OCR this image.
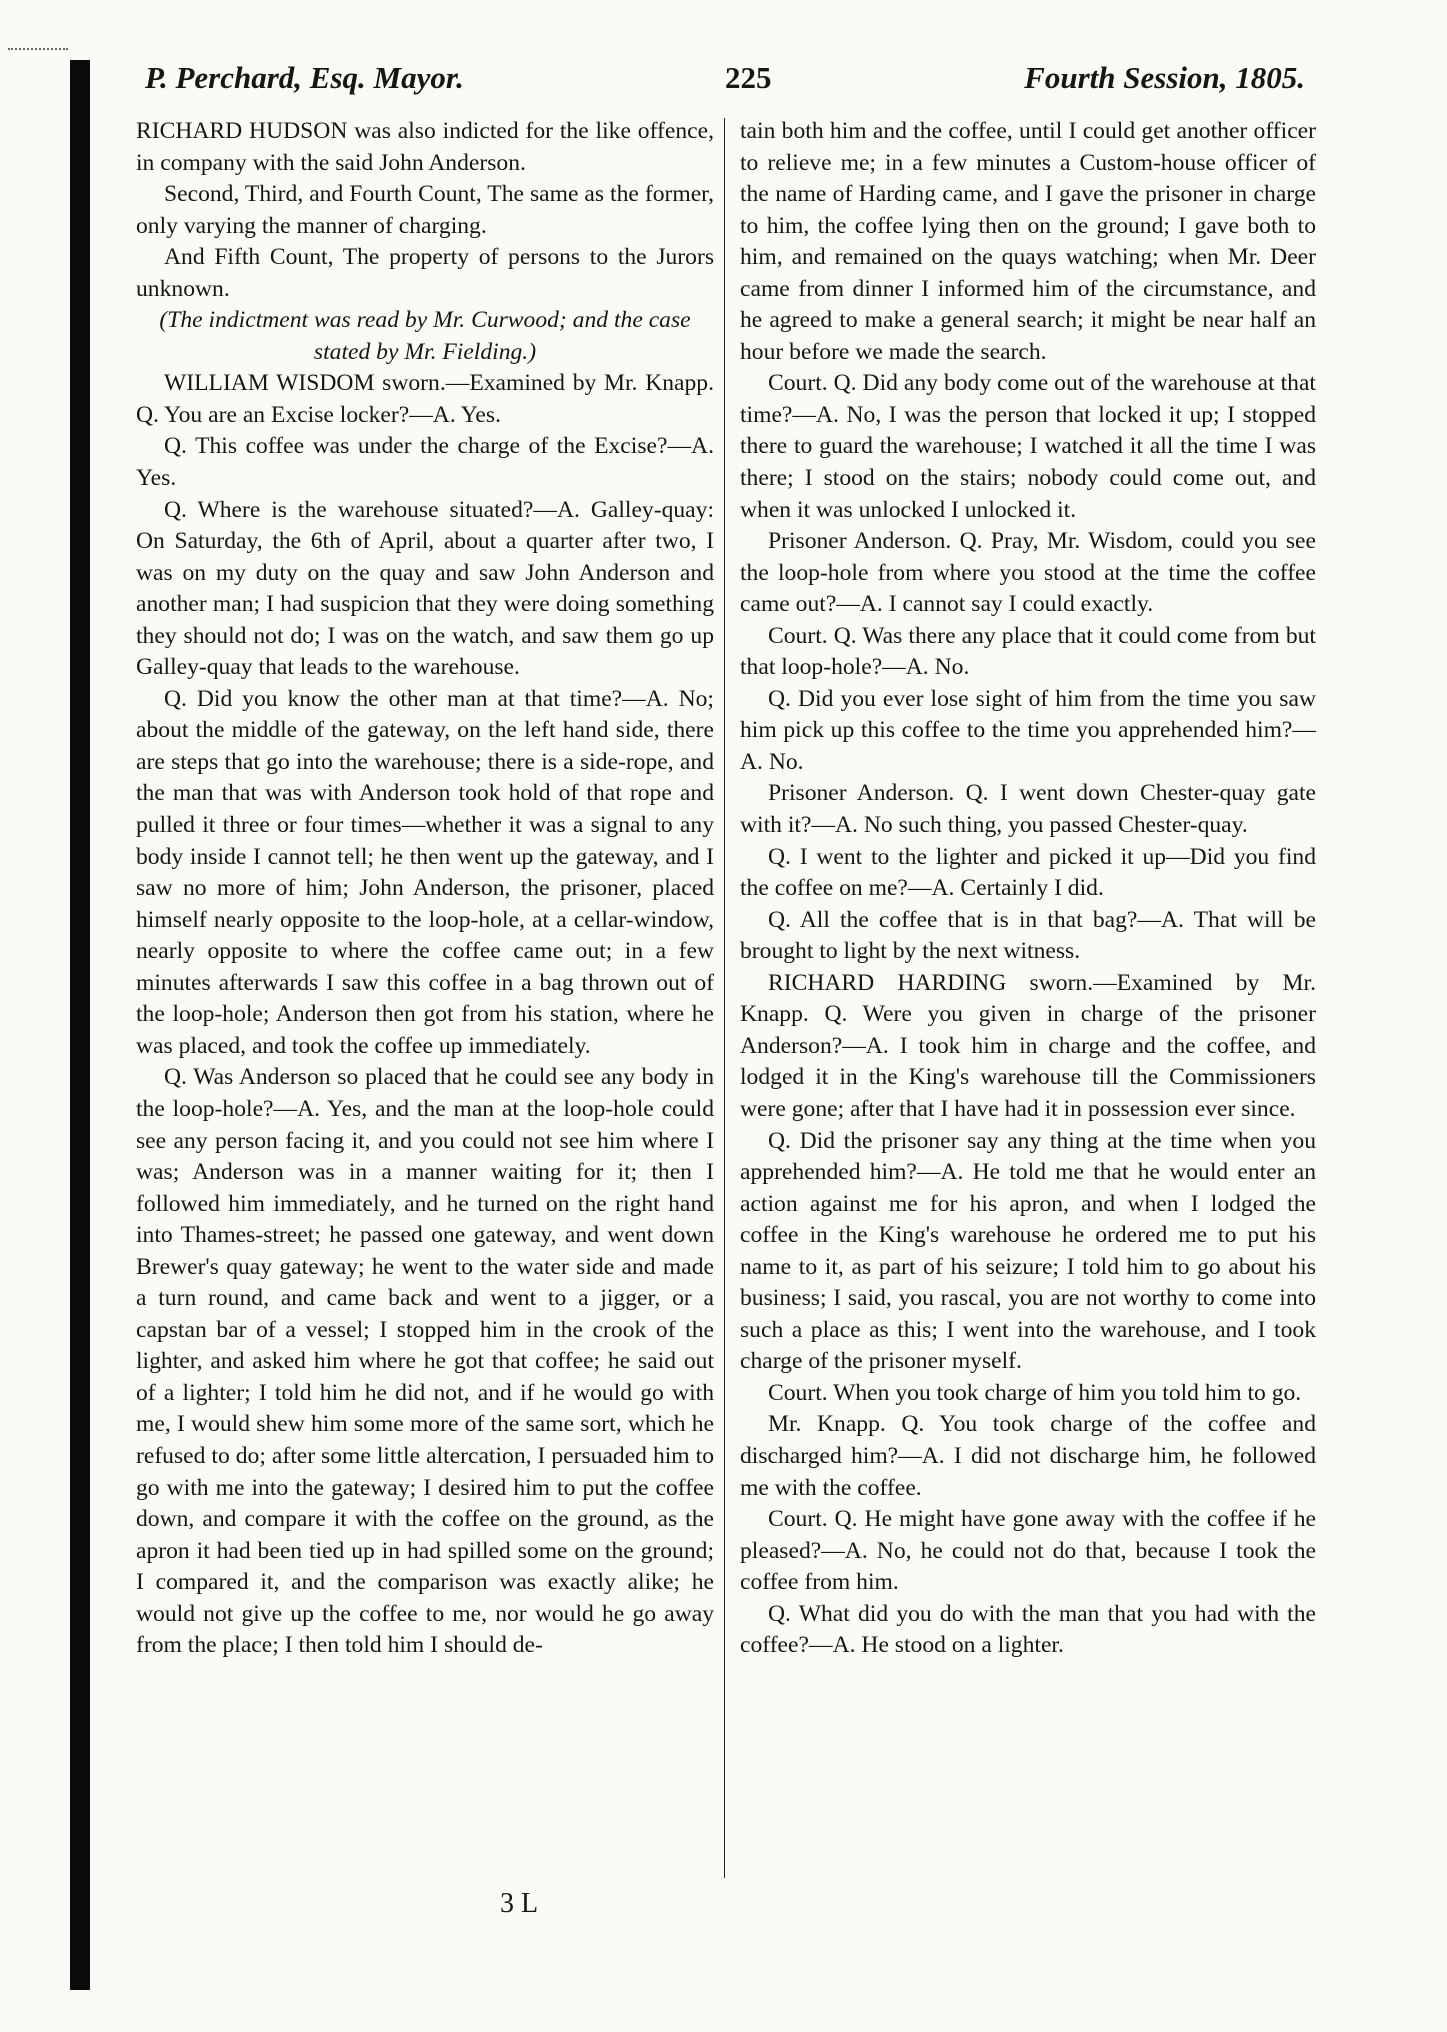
P. Perchard, Esq. Mayor.	225	Fourth Session, 1805.

RICHARD HUDSON was also indicted for the like offence, in company with the said John Anderson.

Second, Third, and Fourth Count, The same as the former, only varying the manner of charging.

And Fifth Count, The property of persons to the Jurors unknown.

(The indictment was read by Mr. Curwood; and the case stated by Mr. Fielding.)

WILLIAM WISDOM sworn.—Examined by Mr. Knapp. Q. You are an Excise locker?—A. Yes.

Q. This coffee was under the charge of the Excise?—A. Yes.

Q. Where is the warehouse situated?—A. Galley-quay: On Saturday, the 6th of April, about a quarter after two, I was on my duty on the quay and saw John Anderson and another man; I had suspicion that they were doing something they should not do; I was on the watch, and saw them go up Galley-quay that leads to the warehouse.

Q. Did you know the other man at that time?—A. No; about the middle of the gateway, on the left hand side, there are steps that go into the warehouse; there is a side-rope, and the man that was with Anderson took hold of that rope and pulled it three or four times—whether it was a signal to any body inside I cannot tell; he then went up the gateway, and I saw no more of him; John Anderson, the prisoner, placed himself nearly opposite to the loop-hole, at a cellar-window, nearly opposite to where the coffee came out; in a few minutes afterwards I saw this coffee in a bag thrown out of the loop-hole; Anderson then got from his station, where he was placed, and took the coffee up immediately.

Q. Was Anderson so placed that he could see any body in the loop-hole?—A. Yes, and the man at the loop-hole could see any person facing it, and you could not see him where I was; Anderson was in a manner waiting for it; then I followed him immediately, and he turned on the right hand into Thames-street; he passed one gateway, and went down Brewer's quay gateway; he went to the water side and made a turn round, and came back and went to a jigger, or a capstan bar of a vessel; I stopped him in the crook of the lighter, and asked him where he got that coffee; he said out of a lighter; I told him he did not, and if he would go with me, I would shew him some more of the same sort, which he refused to do; after some little altercation, I persuaded him to go with me into the gateway; I desired him to put the coffee down, and compare it with the coffee on the ground, as the apron it had been tied up in had spilled some on the ground; I compared it, and the comparison was exactly alike; he would not give up the coffee to me, nor would he go away from the place; I then told him I should de-

tain both him and the coffee, until I could get another officer to relieve me; in a few minutes a Custom-house officer of the name of Harding came, and I gave the prisoner in charge to him, the coffee lying then on the ground; I gave both to him, and remained on the quays watching; when Mr. Deer came from dinner I informed him of the circumstance, and he agreed to make a general search; it might be near half an hour before we made the search.

Court. Q. Did any body come out of the warehouse at that time?—A. No, I was the person that locked it up; I stopped there to guard the warehouse; I watched it all the time I was there; I stood on the stairs; nobody could come out, and when it was unlocked I unlocked it.

Prisoner Anderson. Q. Pray, Mr. Wisdom, could you see the loop-hole from where you stood at the time the coffee came out?—A. I cannot say I could exactly.

Court. Q. Was there any place that it could come from but that loop-hole?—A. No.

Q. Did you ever lose sight of him from the time you saw him pick up this coffee to the time you apprehended him?—A. No.

Prisoner Anderson. Q. I went down Chester-quay gate with it?—A. No such thing, you passed Chester-quay.

Q. I went to the lighter and picked it up—Did you find the coffee on me?—A. Certainly I did.

Q. All the coffee that is in that bag?—A. That will be brought to light by the next witness.

RICHARD HARDING sworn.—Examined by Mr. Knapp. Q. Were you given in charge of the prisoner Anderson?—A. I took him in charge and the coffee, and lodged it in the King's warehouse till the Commissioners were gone; after that I have had it in possession ever since.

Q. Did the prisoner say any thing at the time when you apprehended him?—A. He told me that he would enter an action against me for his apron, and when I lodged the coffee in the King's warehouse he ordered me to put his name to it, as part of his seizure; I told him to go about his business; I said, you rascal, you are not worthy to come into such a place as this; I went into the warehouse, and I took charge of the prisoner myself.

Court. When you took charge of him you told him to go.

Mr. Knapp. Q. You took charge of the coffee and discharged him?—A. I did not discharge him, he followed me with the coffee.

Court. Q. He might have gone away with the coffee if he pleased?—A. No, he could not do that, because I took the coffee from him.

Q. What did you do with the man that you had with the coffee?—A. He stood on a lighter.

3 L
